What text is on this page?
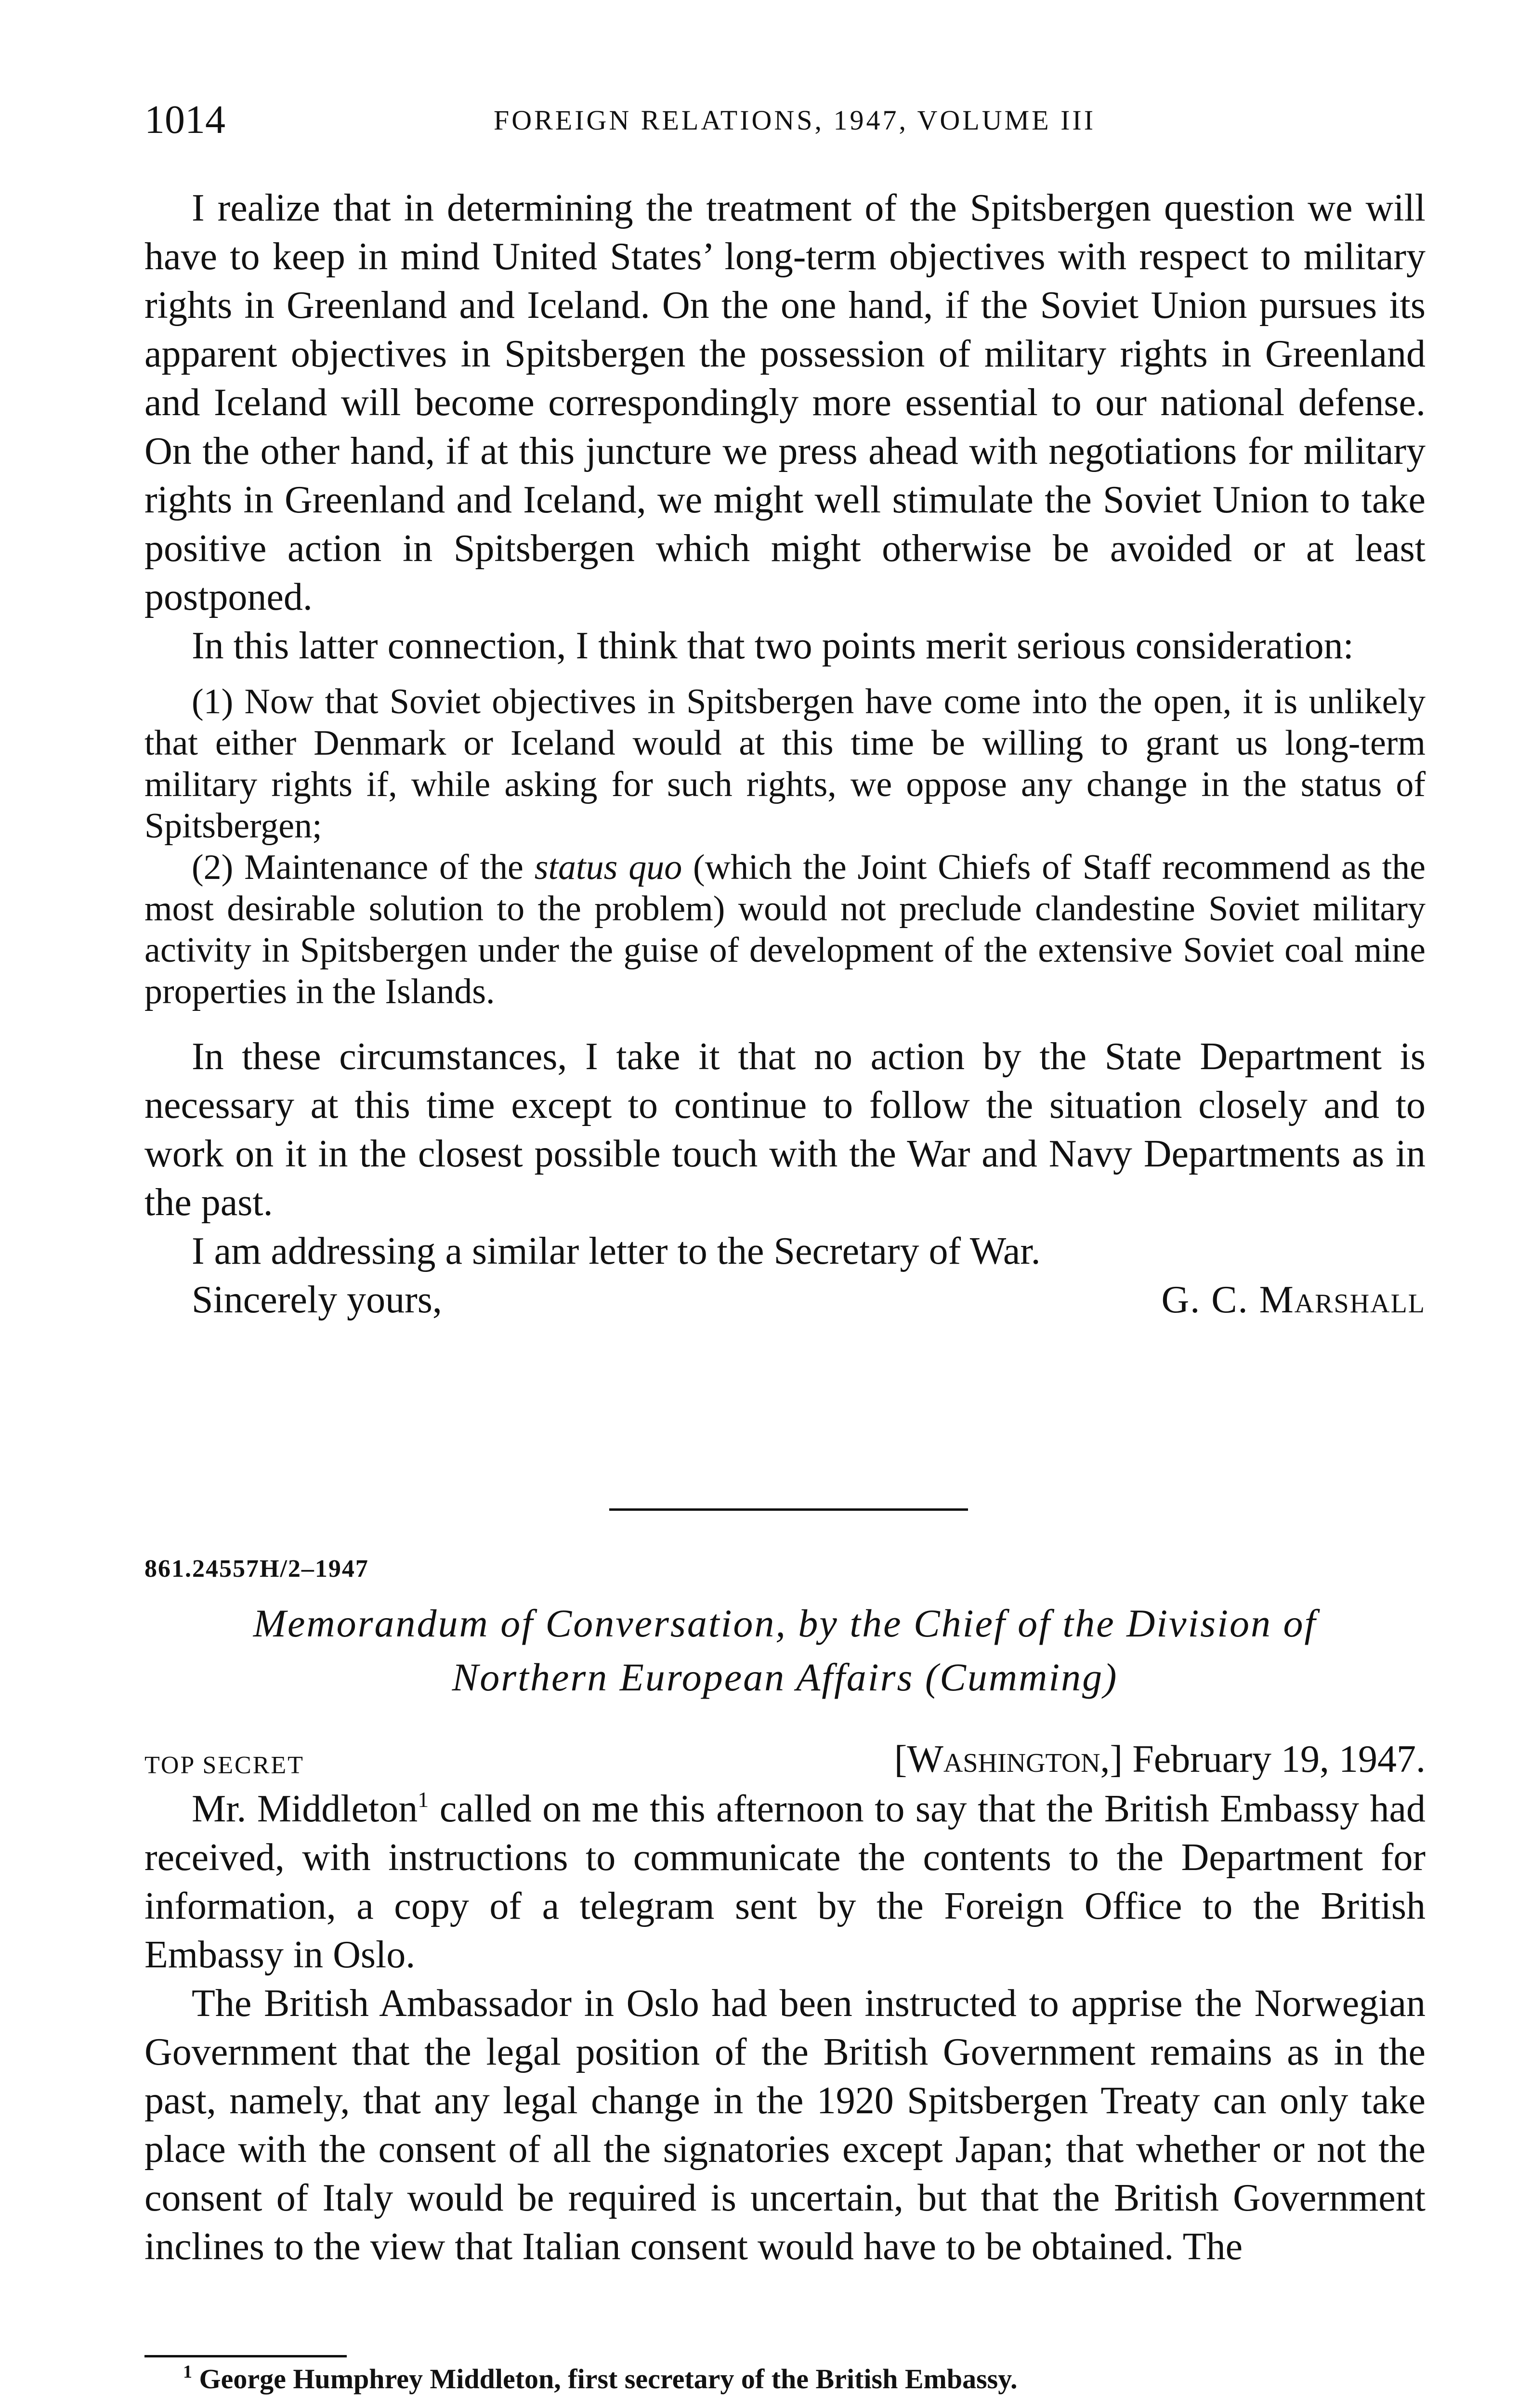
1014	FOREIGN RELATIONS, 1947, VOLUME III

I realize that in determining the treatment of the Spitsbergen question we will have to keep in mind United States’ long-term objectives with respect to military rights in Greenland and Iceland. On the one hand, if the Soviet Union pursues its apparent objectives in Spitsbergen the possession of military rights in Greenland and Iceland will become correspondingly more essential to our national defense. On the other hand, if at this juncture we press ahead with negotiations for military rights in Greenland and Iceland, we might well stimulate the Soviet Union to take positive action in Spitsbergen which might otherwise be avoided or at least postponed.

In this latter connection, I think that two points merit serious consideration:

(1) Now that Soviet objectives in Spitsbergen have come into the open, it is unlikely that either Denmark or Iceland would at this time be willing to grant us long-term military rights if, while asking for such rights, we oppose any change in the status of Spitsbergen;

(2) Maintenance of the status quo (which the Joint Chiefs of Staff recommend as the most desirable solution to the problem) would not preclude clandestine Soviet military activity in Spitsbergen under the guise of development of the extensive Soviet coal mine properties in the Islands.

In these circumstances, I take it that no action by the State Department is necessary at this time except to continue to follow the situation closely and to work on it in the closest possible touch with the War and Navy Departments as in the past.

I am addressing a similar letter to the Secretary of War.

Sincerely yours,	G. C. Marshall
861.24557H/2–1947

Memorandum of Conversation, by the Chief of the Division of

Northern European Affairs (Cumming)

TOP SECRET	[Washington,] February 19, 1947.

Mr. Middleton$^1$ called on me this afternoon to say that the British Embassy had received, with instructions to communicate the contents to the Department for information, a copy of a telegram sent by the Foreign Office to the British Embassy in Oslo.

The British Ambassador in Oslo had been instructed to apprise the Norwegian Government that the legal position of the British Government remains as in the past, namely, that any legal change in the 1920 Spitsbergen Treaty can only take place with the consent of all the signatories except Japan; that whether or not the consent of Italy would be required is uncertain, but that the British Government inclines to the view that Italian consent would have to be obtained. The

$^1$ George Humphrey Middleton, first secretary of the British Embassy.
